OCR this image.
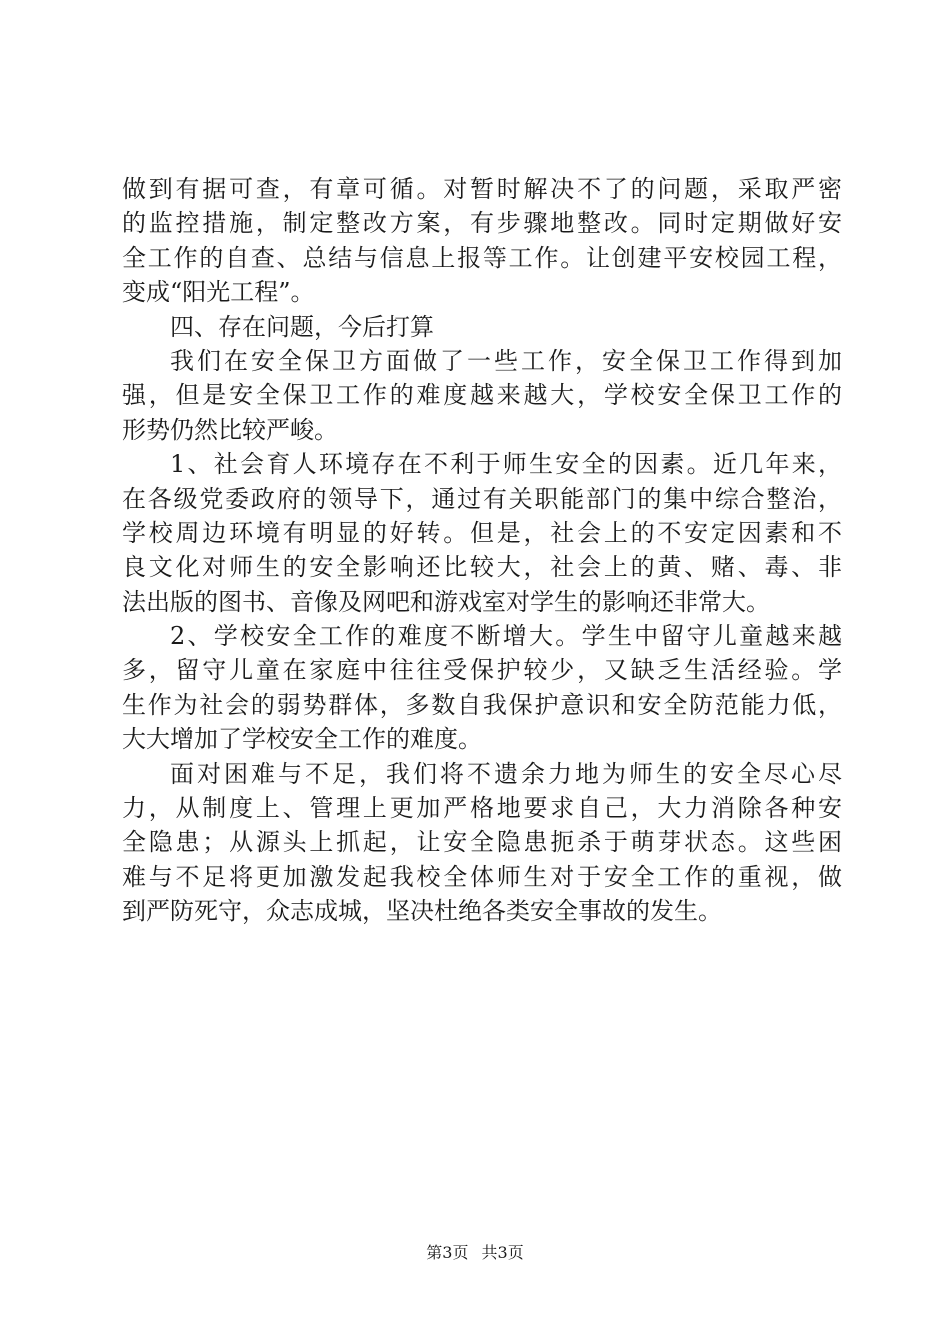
做到有据可查，有章可循。对暂时解决不了的问题，采取严密
的监控措施，制定整改方案，有步骤地整改。同时定期做好安
全工作的自查、总结与信息上报等工作。让创建平安校园工程，
变成“阳光工程”。
四、存在问题，今后打算
我们在安全保卫方面做了一些工作，安全保卫工作得到加
强，但是安全保卫工作的难度越来越大，学校安全保卫工作的
形势仍然比较严峻。
1、社会育人环境存在不利于师生安全的因素。近几年来，
在各级党委政府的领导下，通过有关职能部门的集中综合整治，
学校周边环境有明显的好转。但是，社会上的不安定因素和不
良文化对师生的安全影响还比较大，社会上的黄、赌、毒、非
法出版的图书、音像及网吧和游戏室对学生的影响还非常大。
2、学校安全工作的难度不断增大。学生中留守儿童越来越
多，留守儿童在家庭中往往受保护较少，又缺乏生活经验。学
生作为社会的弱势群体，多数自我保护意识和安全防范能力低，
大大增加了学校安全工作的难度。
面对困难与不足，我们将不遗余力地为师生的安全尽心尽
力，从制度上、管理上更加严格地要求自己，大力消除各种安
全隐患；从源头上抓起，让安全隐患扼杀于萌芽状态。这些困
难与不足将更加激发起我校全体师生对于安全工作的重视，做
到严防死守，众志成城，坚决杜绝各类安全事故的发生。
第3页 共3页
